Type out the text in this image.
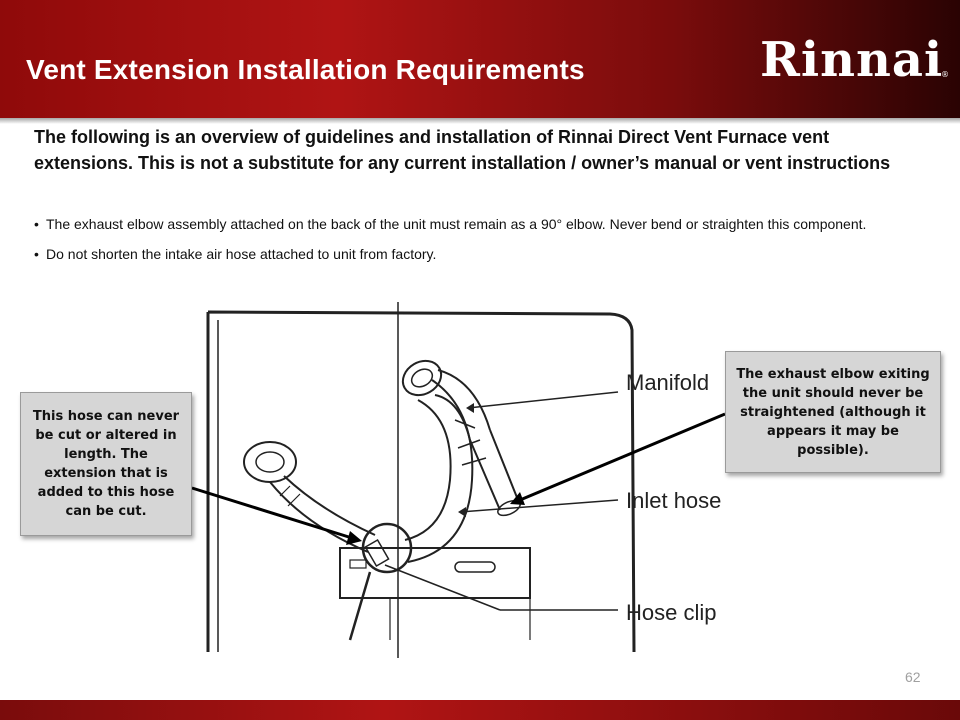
Vent Extension Installation Requirements	Rinnai
®
The following is an overview of guidelines and installation of Rinnai Direct Vent Furnace vent extensions. This is not a substitute for any current installation / owner’s manual or vent instructions
• The exhaust elbow assembly attached on the back of the unit must remain as a 90° elbow. Never bend or straighten this component.
• Do not shorten the intake air hose attached to unit from factory.
Manifold
Inlet hose
Hose clip
This hose can never be cut or altered in length. The extension that is added to this hose can be cut.
The exhaust elbow exiting the unit should never be straightened (although it appears it may be possible).
62
